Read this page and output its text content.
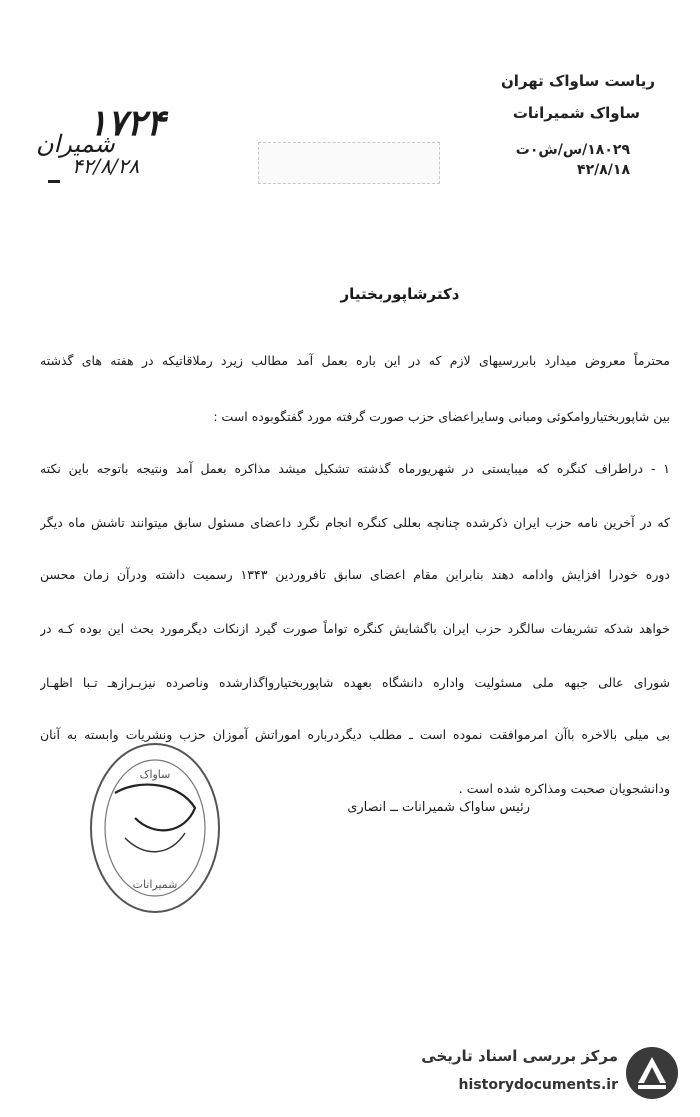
ریاست ساواک تهران
ساواک شمیرانات
۱۸۰۲۹/س/ش۰ت
۴۲/۸/۱۸
۱۷۲۴
شمیران
۴۲/۸/۲۸
دکترشاپوربختیار
محترماً معروض میدارد بابررسیهای لازم که در این باره بعمل آمد مطالب زیرد رملاقاتیکه در هفته های گذشته
بین شاپوربختیاروامکوئی ومبانی وسایراعضای حزب صورت گرفته مورد گفتگوبوده است :
۱ - دراطراف کنگره که میبایستی در شهریورماه گذشته تشکیل میشد مذاکره بعمل آمد ونتیجه باتوجه باین نکته
که در آخرین نامه حزب ایران ذکرشده چنانچه بعللی کنگره انجام نگرد داعضای مسئول سابق میتوانند تاشش ماه دیگر
دوره خودرا افزایش وادامه دهند بنابراین مقام اعضای سابق تافروردین ۱۳۴۳ رسمیت داشته ودرآن زمان محسن
خواهد شدکه تشریفات سالگرد حزب ایران باگشایش کنگره تواماً صورت گیرد ازنکات دیگرمورد بحث این بوده کـه در
شورای عالی جبهه ملی مسئولیت واداره دانشگاه بعهده شاپوربختیارواگذارشده وناصرده نیزبـرازهـ تـبا اظهـار
بی میلی بالاخره باآن امرموافقت نموده است ـ مطلب دیگردرباره اموراتش آموزان حزب ونشریات وابسته به آنان
ودانشجویان صحبت ومذاکره شده است .
رئیس ساواک شمیرانات ــ انصاری
ساواک
شمیرانات
مرکز بررسی اسناد تاریخی
historydocuments.ir
